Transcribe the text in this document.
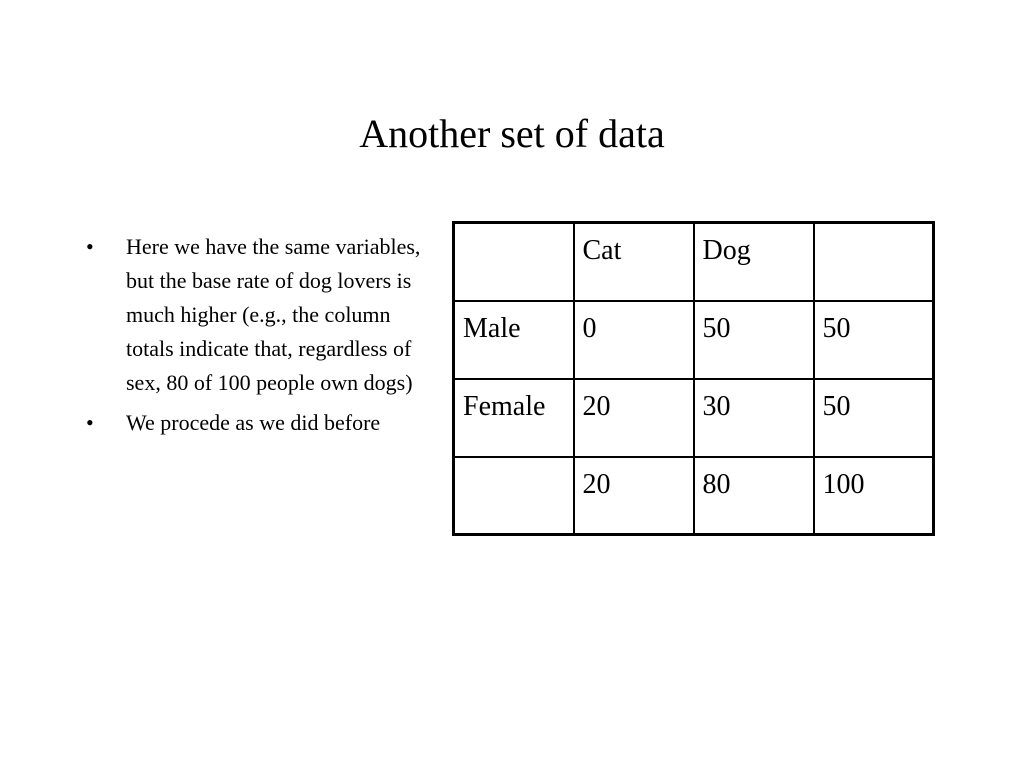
Another set of data
• Here we have the same variables, but the base rate of dog lovers is much higher (e.g., the column totals indicate that, regardless of sex, 80 of 100 people own dogs)
• We procede as we did before
	Cat	Dog	
Male	0	50	50
Female	20	30	50
	20	80	100
